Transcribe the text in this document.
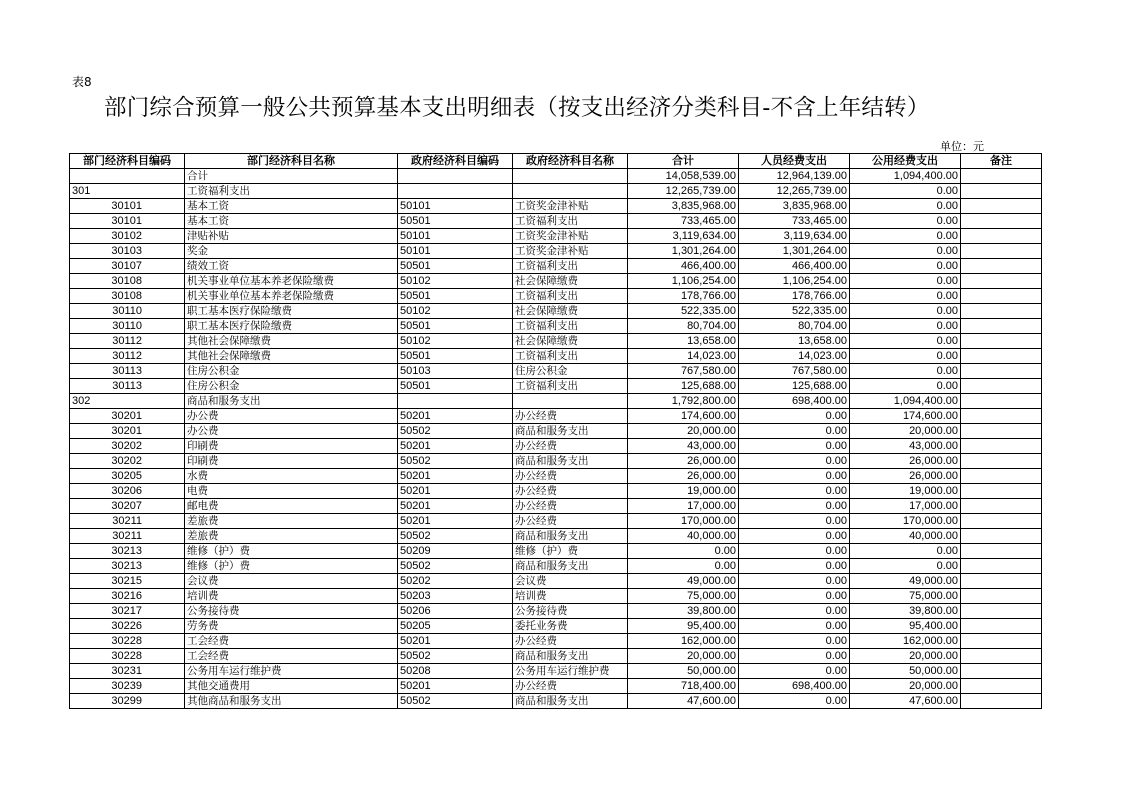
表8
部门综合预算一般公共预算基本支出明细表（按支出经济分类科目-不含上年结转）
单位：元
部门经济科目编码	部门经济科目名称	政府经济科目编码	政府经济科目名称	合计	人员经费支出	公用经费支出	备注
	合计			14,058,539.00	12,964,139.00	1,094,400.00	
301	工资福利支出			12,265,739.00	12,265,739.00	0.00	
30101	基本工资	50101	工资奖金津补贴	3,835,968.00	3,835,968.00	0.00	
30101	基本工资	50501	工资福利支出	733,465.00	733,465.00	0.00	
30102	津贴补贴	50101	工资奖金津补贴	3,119,634.00	3,119,634.00	0.00	
30103	奖金	50101	工资奖金津补贴	1,301,264.00	1,301,264.00	0.00	
30107	绩效工资	50501	工资福利支出	466,400.00	466,400.00	0.00	
30108	机关事业单位基本养老保险缴费	50102	社会保障缴费	1,106,254.00	1,106,254.00	0.00	
30108	机关事业单位基本养老保险缴费	50501	工资福利支出	178,766.00	178,766.00	0.00	
30110	职工基本医疗保险缴费	50102	社会保障缴费	522,335.00	522,335.00	0.00	
30110	职工基本医疗保险缴费	50501	工资福利支出	80,704.00	80,704.00	0.00	
30112	其他社会保障缴费	50102	社会保障缴费	13,658.00	13,658.00	0.00	
30112	其他社会保障缴费	50501	工资福利支出	14,023.00	14,023.00	0.00	
30113	住房公积金	50103	住房公积金	767,580.00	767,580.00	0.00	
30113	住房公积金	50501	工资福利支出	125,688.00	125,688.00	0.00	
302	商品和服务支出			1,792,800.00	698,400.00	1,094,400.00	
30201	办公费	50201	办公经费	174,600.00	0.00	174,600.00	
30201	办公费	50502	商品和服务支出	20,000.00	0.00	20,000.00	
30202	印刷费	50201	办公经费	43,000.00	0.00	43,000.00	
30202	印刷费	50502	商品和服务支出	26,000.00	0.00	26,000.00	
30205	水费	50201	办公经费	26,000.00	0.00	26,000.00	
30206	电费	50201	办公经费	19,000.00	0.00	19,000.00	
30207	邮电费	50201	办公经费	17,000.00	0.00	17,000.00	
30211	差旅费	50201	办公经费	170,000.00	0.00	170,000.00	
30211	差旅费	50502	商品和服务支出	40,000.00	0.00	40,000.00	
30213	维修（护）费	50209	维修（护）费	0.00	0.00	0.00	
30213	维修（护）费	50502	商品和服务支出	0.00	0.00	0.00	
30215	会议费	50202	会议费	49,000.00	0.00	49,000.00	
30216	培训费	50203	培训费	75,000.00	0.00	75,000.00	
30217	公务接待费	50206	公务接待费	39,800.00	0.00	39,800.00	
30226	劳务费	50205	委托业务费	95,400.00	0.00	95,400.00	
30228	工会经费	50201	办公经费	162,000.00	0.00	162,000.00	
30228	工会经费	50502	商品和服务支出	20,000.00	0.00	20,000.00	
30231	公务用车运行维护费	50208	公务用车运行维护费	50,000.00	0.00	50,000.00	
30239	其他交通费用	50201	办公经费	718,400.00	698,400.00	20,000.00	
30299	其他商品和服务支出	50502	商品和服务支出	47,600.00	0.00	47,600.00	
